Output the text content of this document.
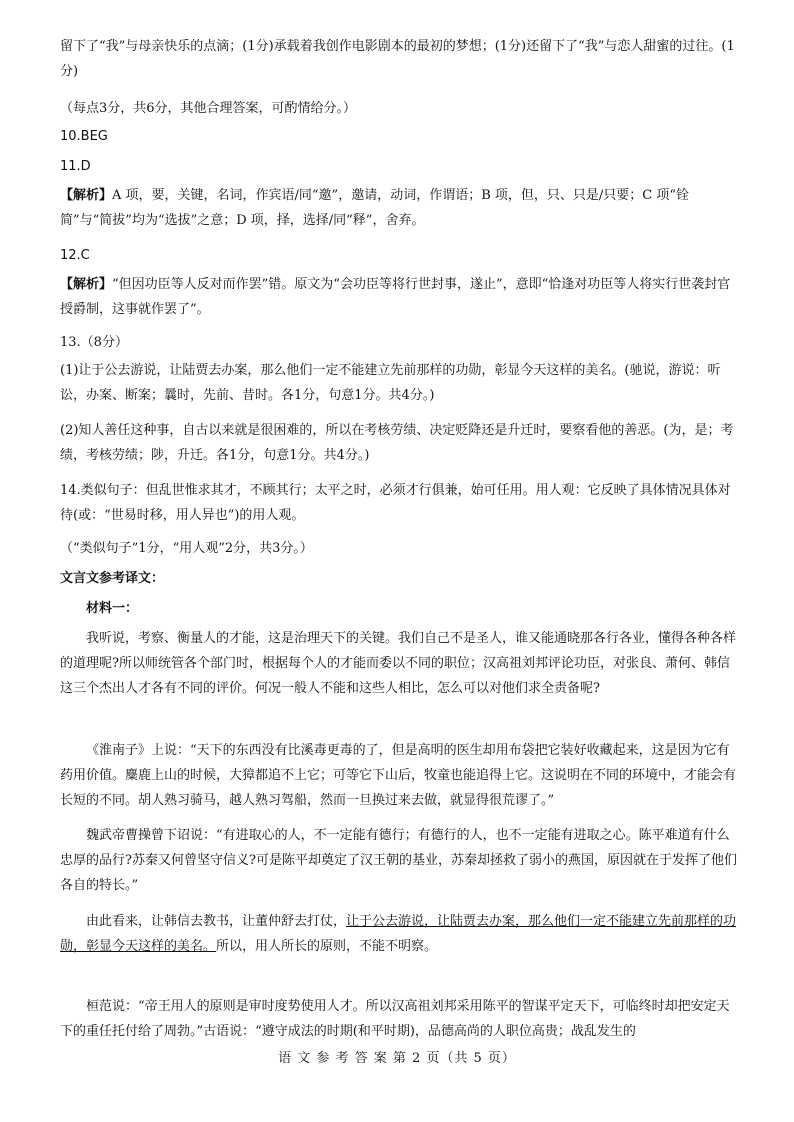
留下了“我”与母亲快乐的点滴；(1分)承载着我创作电影剧本的最初的梦想；(1分)还留下了“我”与恋人甜蜜的过往。(1分)
（每点3分，共6分，其他合理答案，可酌情给分。）
10.BEG
11.D
【解析】A 项，要，关键，名词，作宾语/同“邀”，邀请，动词，作谓语；B 项，但，只、只是/只要；C 项“铨简”与“简拔”均为“选拔”之意；D 项，择，选择/同“释”，舍弃。
12.C
【解析】“但因功臣等人反对而作罢”错。原文为“会功臣等将行世封事，遂止”，意即“恰逢对功臣等人将实行世袭封官授爵制，这事就作罢了”。
13.（8分）
(1)让于公去游说，让陆贾去办案，那么他们一定不能建立先前那样的功勋，彰显今天这样的美名。(驰说，游说：听讼，办案、断案；曩时，先前、昔时。各1分，句意1分。共4分。)
(2)知人善任这种事，自古以来就是很困难的，所以在考核劳绩、决定贬降还是升迁时，要察看他的善恶。(为，是；考绩，考核劳绩；陟，升迁。各1分，句意1分。共4分。)
14.类似句子：但乱世惟求其才，不顾其行；太平之时，必须才行俱兼，始可任用。用人观：它反映了具体情况具体对待(或：“世易时移，用人异也”)的用人观。
（“类似句子”1分，“用人观”2分，共3分。）
文言文参考译文：
材料一：
我听说，考察、衡量人的才能，这是治理天下的关键。我们自己不是圣人，谁又能通晓那各行各业，懂得各种各样的道理呢?所以师统管各个部门时，根据每个人的才能而委以不同的职位；汉高祖刘邦评论功臣，对张良、萧何、韩信这三个杰出人才各有不同的评价。何况一般人不能和这些人相比，怎么可以对他们求全责备呢?
《淮南子》上说：“天下的东西没有比溪毒更毒的了，但是高明的医生却用布袋把它装好收藏起来，这是因为它有药用价值。麋鹿上山的时候，大獐都追不上它；可等它下山后，牧童也能追得上它。这说明在不同的环境中，才能会有长短的不同。胡人熟习骑马，越人熟习驾船，然而一旦换过来去做，就显得很荒谬了。”
魏武帝曹操曾下诏说：“有进取心的人，不一定能有德行；有德行的人，也不一定能有进取之心。陈平难道有什么忠厚的品行?苏秦又何曾坚守信义?可是陈平却奠定了汉王朝的基业，苏秦却拯救了弱小的燕国，原因就在于发挥了他们各自的特长。”
由此看来，让韩信去教书，让董仲舒去打仗，让于公去游说，让陆贾去办案，那么他们一定不能建立先前那样的功勋，彰显今天这样的美名。所以，用人所长的原则，不能不明察。
桓范说：“帝王用人的原则是审时度势使用人才。所以汉高祖刘邦采用陈平的智谋平定天下，可临终时却把安定天下的重任托付给了周勃。”古语说：“遵守成法的时期(和平时期)，品德高尚的人职位高贵；战乱发生的
语 文 参 考 答 案 第 2 页（共 5 页）
